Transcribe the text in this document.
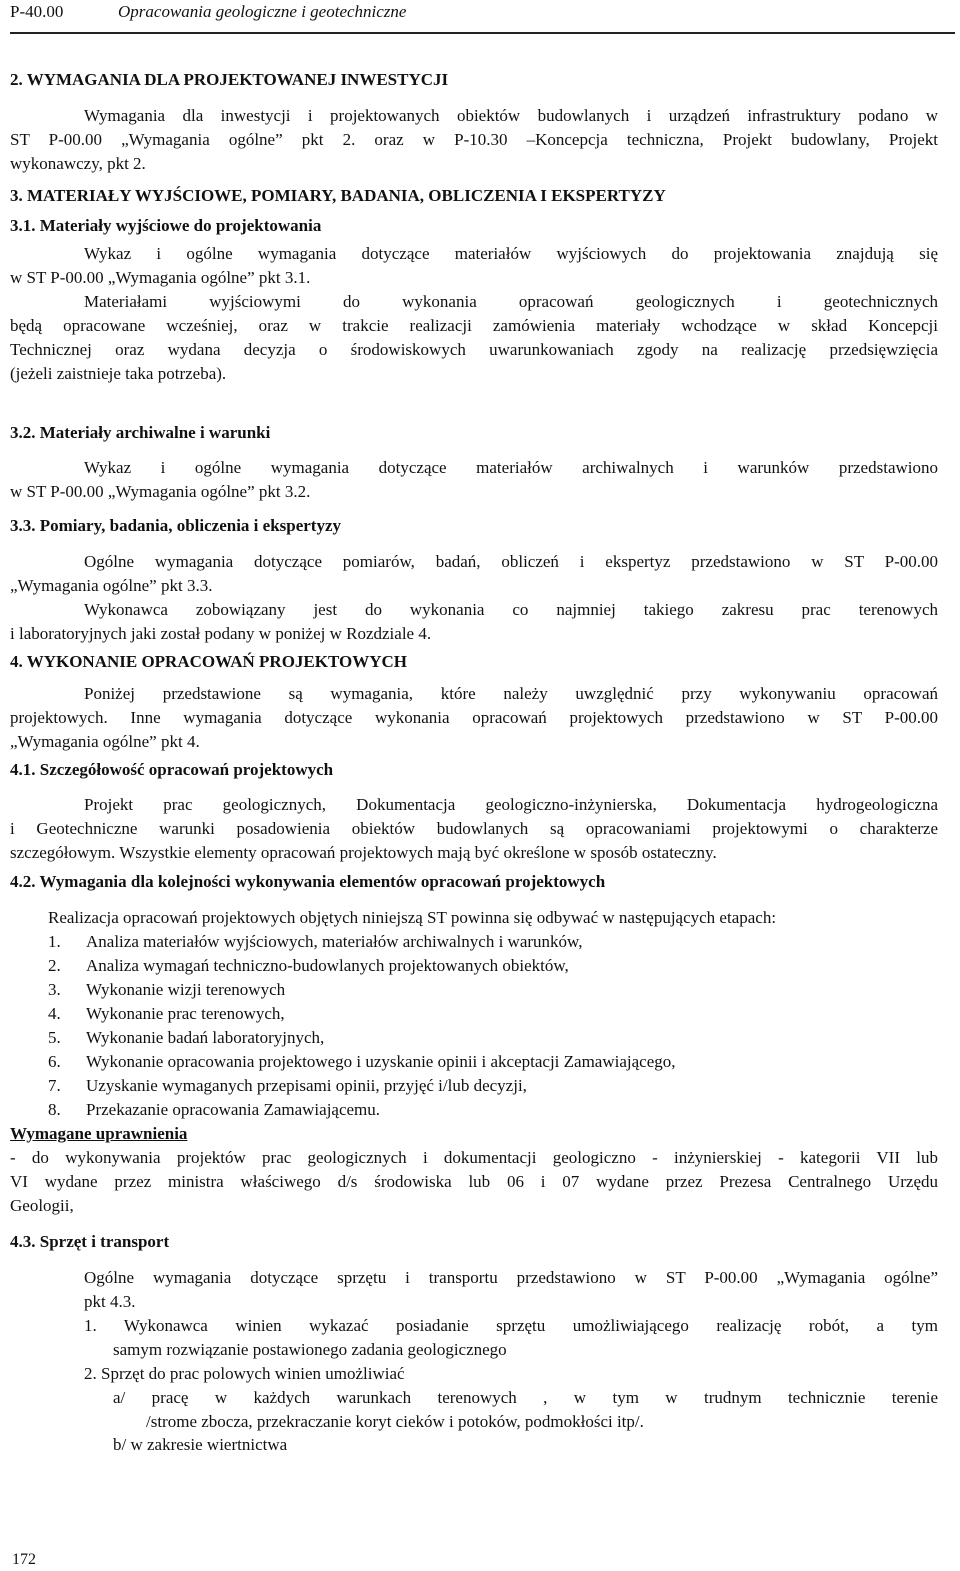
P-40.00	Opracowania geologiczne i geotechniczne
2. WYMAGANIA DLA PROJEKTOWANEJ INWESTYCJI
Wymagania dla inwestycji i projektowanych obiektów budowlanych i urządzeń infrastruktury podano w
ST P-00.00 „Wymagania ogólne” pkt 2. oraz w P-10.30 –Koncepcja techniczna, Projekt budowlany, Projekt
wykonawczy, pkt 2.
3. MATERIAŁY WYJŚCIOWE, POMIARY, BADANIA, OBLICZENIA I EKSPERTYZY
3.1. Materiały wyjściowe do projektowania
Wykaz i ogólne wymagania dotyczące materiałów wyjściowych do projektowania znajdują się
w ST P-00.00 „Wymagania ogólne” pkt 3.1.
Materiałami wyjściowymi do wykonania opracowań geologicznych i geotechnicznych
będą opracowane wcześniej, oraz w trakcie realizacji zamówienia materiały wchodzące w skład Koncepcji
Technicznej oraz wydana decyzja o środowiskowych uwarunkowaniach zgody na realizację przedsięwzięcia
(jeżeli zaistnieje taka potrzeba).
3.2. Materiały archiwalne i warunki
Wykaz i ogólne wymagania dotyczące materiałów archiwalnych i warunków przedstawiono
w ST P-00.00 „Wymagania ogólne” pkt 3.2.
3.3. Pomiary, badania, obliczenia i ekspertyzy
Ogólne wymagania dotyczące pomiarów, badań, obliczeń i ekspertyz przedstawiono w ST P-00.00
„Wymagania ogólne” pkt 3.3.
Wykonawca zobowiązany jest do wykonania co najmniej takiego zakresu prac terenowych
i laboratoryjnych jaki został podany w poniżej w Rozdziale 4.
4. WYKONANIE OPRACOWAŃ PROJEKTOWYCH
Poniżej przedstawione są wymagania, które należy uwzględnić przy wykonywaniu opracowań
projektowych. Inne wymagania dotyczące wykonania opracowań projektowych przedstawiono w ST P-00.00
„Wymagania ogólne” pkt 4.
4.1. Szczegółowość opracowań projektowych
Projekt prac geologicznych, Dokumentacja geologiczno-inżynierska, Dokumentacja hydrogeologiczna
i Geotechniczne warunki posadowienia obiektów budowlanych są opracowaniami projektowymi o charakterze
szczegółowym. Wszystkie elementy opracowań projektowych mają być określone w sposób ostateczny.
4.2. Wymagania dla kolejności wykonywania elementów opracowań projektowych
Realizacja opracowań projektowych objętych niniejszą ST powinna się odbywać w następujących etapach:
1. Analiza materiałów wyjściowych, materiałów archiwalnych i warunków,
2. Analiza wymagań techniczno-budowlanych projektowanych obiektów,
3. Wykonanie wizji terenowych
4. Wykonanie prac terenowych,
5. Wykonanie badań laboratoryjnych,
6. Wykonanie opracowania projektowego i uzyskanie opinii i akceptacji Zamawiającego,
7. Uzyskanie wymaganych przepisami opinii, przyjęć i/lub decyzji,
8. Przekazanie opracowania Zamawiającemu.
Wymagane uprawnienia
- do wykonywania projektów prac geologicznych i dokumentacji geologiczno - inżynierskiej - kategorii VII lub
VI wydane przez ministra właściwego d/s środowiska lub 06 i 07 wydane przez Prezesa Centralnego Urzędu
Geologii,
4.3. Sprzęt i transport
Ogólne wymagania dotyczące sprzętu i transportu przedstawiono w ST P-00.00 „Wymagania ogólne”
pkt 4.3.
1. Wykonawca winien wykazać posiadanie sprzętu umożliwiającego realizację robót, a tym
samym rozwiązanie postawionego zadania geologicznego
2. Sprzęt do prac polowych winien umożliwiać
a/ pracę w każdych warunkach terenowych , w tym w trudnym technicznie terenie
/strome zbocza, przekraczanie koryt cieków i potoków, podmokłości itp/.
b/ w zakresie wiertnictwa
172
